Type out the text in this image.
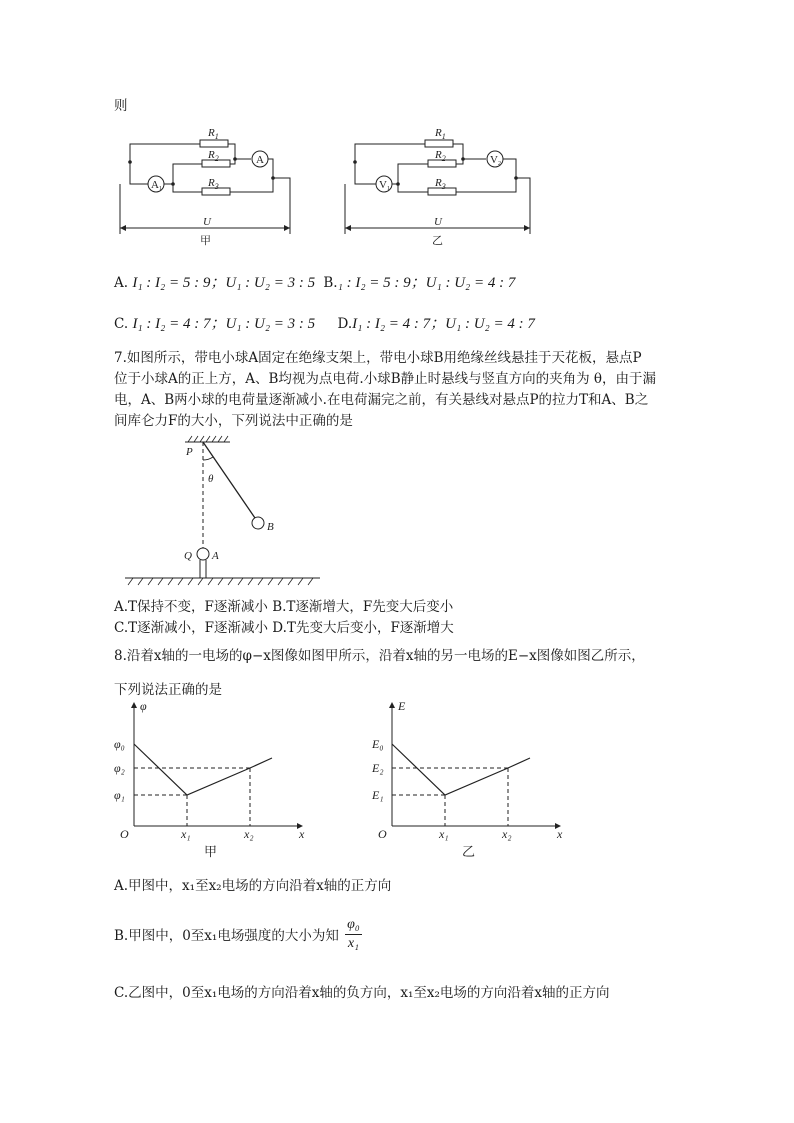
则
$R_1$
$R_2$
$R_3$
A
A1
U
甲
$R_1$
$R_2$
$R_3$
V2
V1
U
乙
A. I₁ : I₂ = 5 : 9；U₁ : U₂ = 3 : 5 B.₁ : I₂ = 5 : 9；U₁ : U₂ = 4 : 7
C. I₁ : I₂ = 4 : 7；U₁ : U₂ = 3 : 5 D.I₁ : I₂ = 4 : 7；U₁ : U₂ = 4 : 7
7.如图所示，带电小球A固定在绝缘支架上，带电小球B用绝缘丝线悬挂于天花板，悬点P
位于小球A的正上方，A、B均视为点电荷.小球B静止时悬线与竖直方向的夹角为 θ，由于漏
电，A、B两小球的电荷量逐渐减小.在电荷漏完之前，有关悬线对悬点P的拉力T和A、B之
间库仑力F的大小，下列说法中正确的是
P
θ
B
Q A
A.T保持不变，F逐渐减小 B.T逐渐增大，F先变大后变小
C.T逐渐减小，F逐渐减小 D.T先变大后变小，F逐渐增大
8.沿着x轴的一电场的φ−x图像如图甲所示，沿着x轴的另一电场的E−x图像如图乙所示，
下列说法正确的是
φ
x
O
φ₀
φ₂
φ₁
x₁	x₂
甲
E
x
O
E₀
E₂
E₁
x₁	x₂
乙
A.甲图中，x₁至x₂电场的方向沿着x轴的正方向
B.甲图中，0至x₁电场强度的大小为知 $\frac{\text{φ₀}}{\text{x₁}}$
C.乙图中，0至x₁电场的方向沿着x轴的负方向，x₁至x₂电场的方向沿着x轴的正方向
